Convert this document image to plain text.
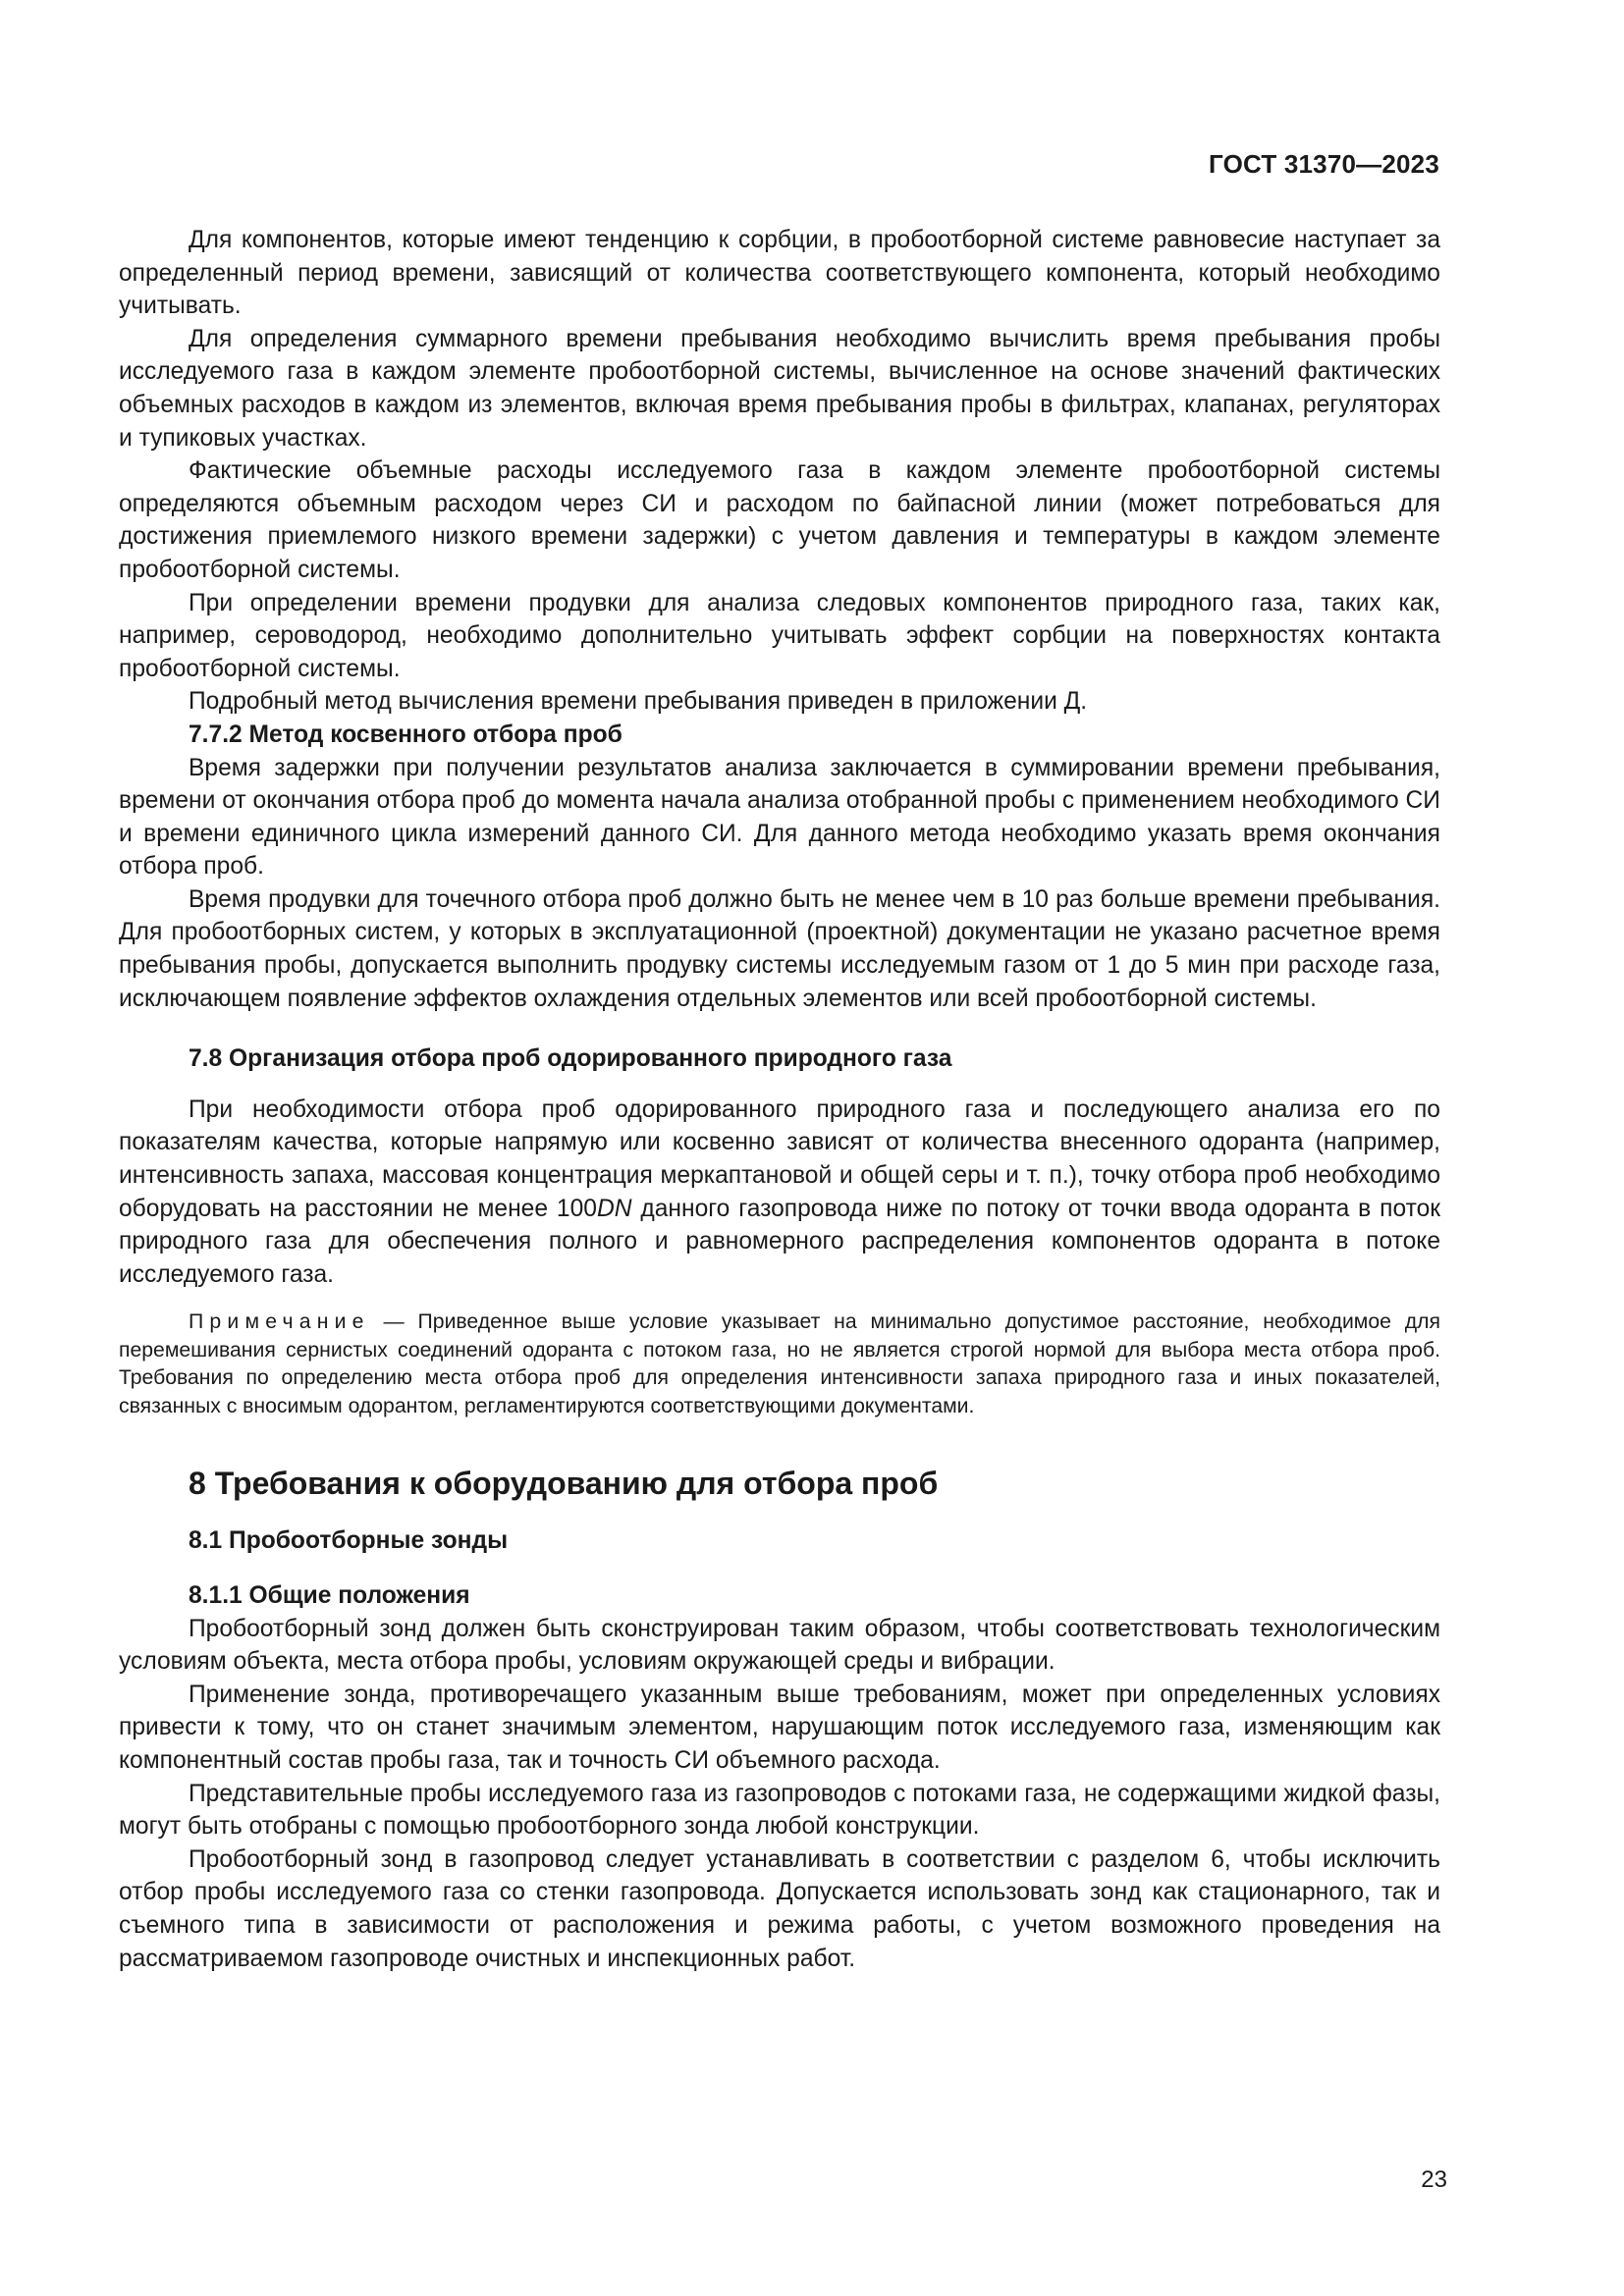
ГОСТ 31370—2023

Для компонентов, которые имеют тенденцию к сорбции, в пробоотборной системе равновесие наступает за определенный период времени, зависящий от количества соответствующего компонента, который необходимо учитывать.

Для определения суммарного времени пребывания необходимо вычислить время пребывания пробы исследуемого газа в каждом элементе пробоотборной системы, вычисленное на основе значений фактических объемных расходов в каждом из элементов, включая время пребывания пробы в фильтрах, клапанах, регуляторах и тупиковых участках.

Фактические объемные расходы исследуемого газа в каждом элементе пробоотборной системы определяются объемным расходом через СИ и расходом по байпасной линии (может потребоваться для достижения приемлемого низкого времени задержки) с учетом давления и температуры в каждом элементе пробоотборной системы.

При определении времени продувки для анализа следовых компонентов природного газа, таких как, например, сероводород, необходимо дополнительно учитывать эффект сорбции на поверхностях контакта пробоотборной системы.

Подробный метод вычисления времени пребывания приведен в приложении Д.

7.7.2 Метод косвенного отбора проб

Время задержки при получении результатов анализа заключается в суммировании времени пребывания, времени от окончания отбора проб до момента начала анализа отобранной пробы с применением необходимого СИ и времени единичного цикла измерений данного СИ. Для данного метода необходимо указать время окончания отбора проб.

Время продувки для точечного отбора проб должно быть не менее чем в 10 раз больше времени пребывания. Для пробоотборных систем, у которых в эксплуатационной (проектной) документации не указано расчетное время пребывания пробы, допускается выполнить продувку системы исследуемым газом от 1 до 5 мин при расходе газа, исключающем появление эффектов охлаждения отдельных элементов или всей пробоотборной системы.

7.8 Организация отбора проб одорированного природного газа

При необходимости отбора проб одорированного природного газа и последующего анализа его по показателям качества, которые напрямую или косвенно зависят от количества внесенного одоранта (например, интенсивность запаха, массовая концентрация меркаптановой и общей серы и т. п.), точку отбора проб необходимо оборудовать на расстоянии не менее 100DN данного газопровода ниже по потоку от точки ввода одоранта в поток природного газа для обеспечения полного и равномерного распределения компонентов одоранта в потоке исследуемого газа.

Примечание — Приведенное выше условие указывает на минимально допустимое расстояние, необходимое для перемешивания сернистых соединений одоранта с потоком газа, но не является строгой нормой для выбора места отбора проб. Требования по определению места отбора проб для определения интенсивности запаха природного газа и иных показателей, связанных с вносимым одорантом, регламентируются соответствующими документами.

8 Требования к оборудованию для отбора проб

8.1 Пробоотборные зонды

8.1.1 Общие положения

Пробоотборный зонд должен быть сконструирован таким образом, чтобы соответствовать технологическим условиям объекта, места отбора пробы, условиям окружающей среды и вибрации.

Применение зонда, противоречащего указанным выше требованиям, может при определенных условиях привести к тому, что он станет значимым элементом, нарушающим поток исследуемого газа, изменяющим как компонентный состав пробы газа, так и точность СИ объемного расхода.

Представительные пробы исследуемого газа из газопроводов с потоками газа, не содержащими жидкой фазы, могут быть отобраны с помощью пробоотборного зонда любой конструкции.

Пробоотборный зонд в газопровод следует устанавливать в соответствии с разделом 6, чтобы исключить отбор пробы исследуемого газа со стенки газопровода. Допускается использовать зонд как стационарного, так и съемного типа в зависимости от расположения и режима работы, с учетом возможного проведения на рассматриваемом газопроводе очистных и инспекционных работ.

23
